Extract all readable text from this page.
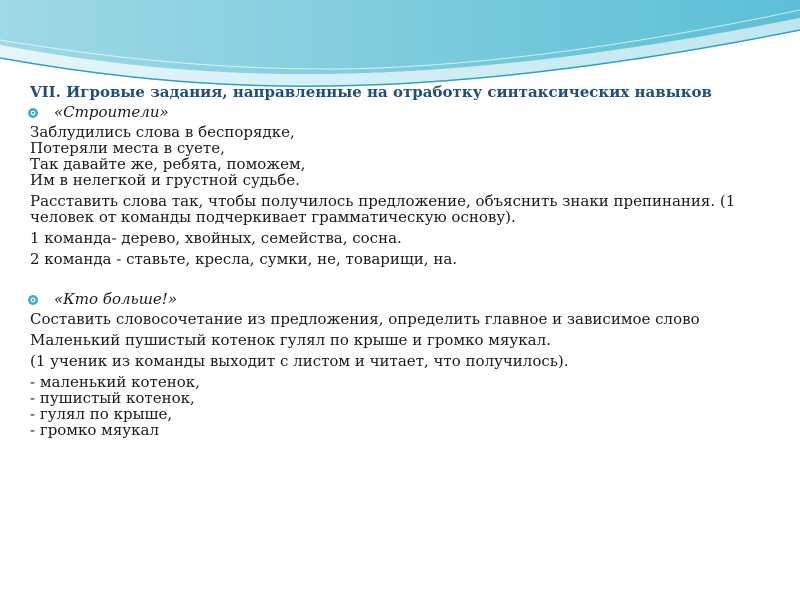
VII. Игровые задания, направленные на отработку синтаксических навыков
«Строители»
Заблудились слова в беспорядке,
Потеряли места в суете,
Так давайте же, ребята, поможем,
Им в нелегкой и грустной судьбе.
Расставить слова так, чтобы получилось предложение, объяснить знаки препинания. (1 человек от команды подчеркивает грамматическую основу).
1 команда- дерево, хвойных, семейства, сосна.
2 команда - ставьте, кресла, сумки, не, товарищи, на.
«Кто больше!»
Составить словосочетание из предложения, определить главное и зависимое слово
Маленький пушистый котенок гулял по крыше и громко мяукал.
(1 ученик из команды выходит с листом и читает, что получилось).
- маленький котенок,
- пушистый котенок,
- гулял по крыше,
- громко мяукал
